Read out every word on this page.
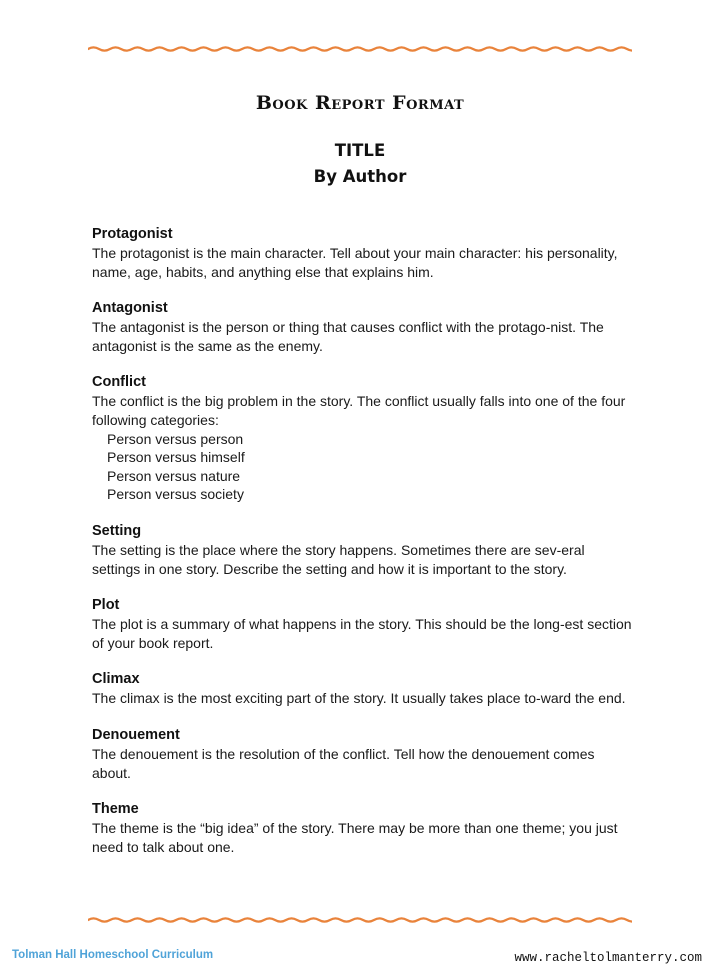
Book Report Format
TITLE
By Author
Protagonist

The protagonist is the main character. Tell about your main character: his personality, name, age, habits, and anything else that explains him.

Antagonist

The antagonist is the person or thing that causes conflict with the protago-nist. The antagonist is the same as the enemy.

Conflict

The conflict is the big problem in the story. The conflict usually falls into one of the four following categories:

Person versus person
Person versus himself
Person versus nature
Person versus society
Setting

The setting is the place where the story happens. Sometimes there are sev-eral settings in one story. Describe the setting and how it is important to the story.

Plot

The plot is a summary of what happens in the story. This should be the long-est section of your book report.

Climax

The climax is the most exciting part of the story. It usually takes place to-ward the end.

Denouement

The denouement is the resolution of the conflict. Tell how the denouement comes about.

Theme

The theme is the “big idea” of the story. There may be more than one theme; you just need to talk about one.

Tolman Hall Homeschool Curriculum	www.racheltolmanterry.com
